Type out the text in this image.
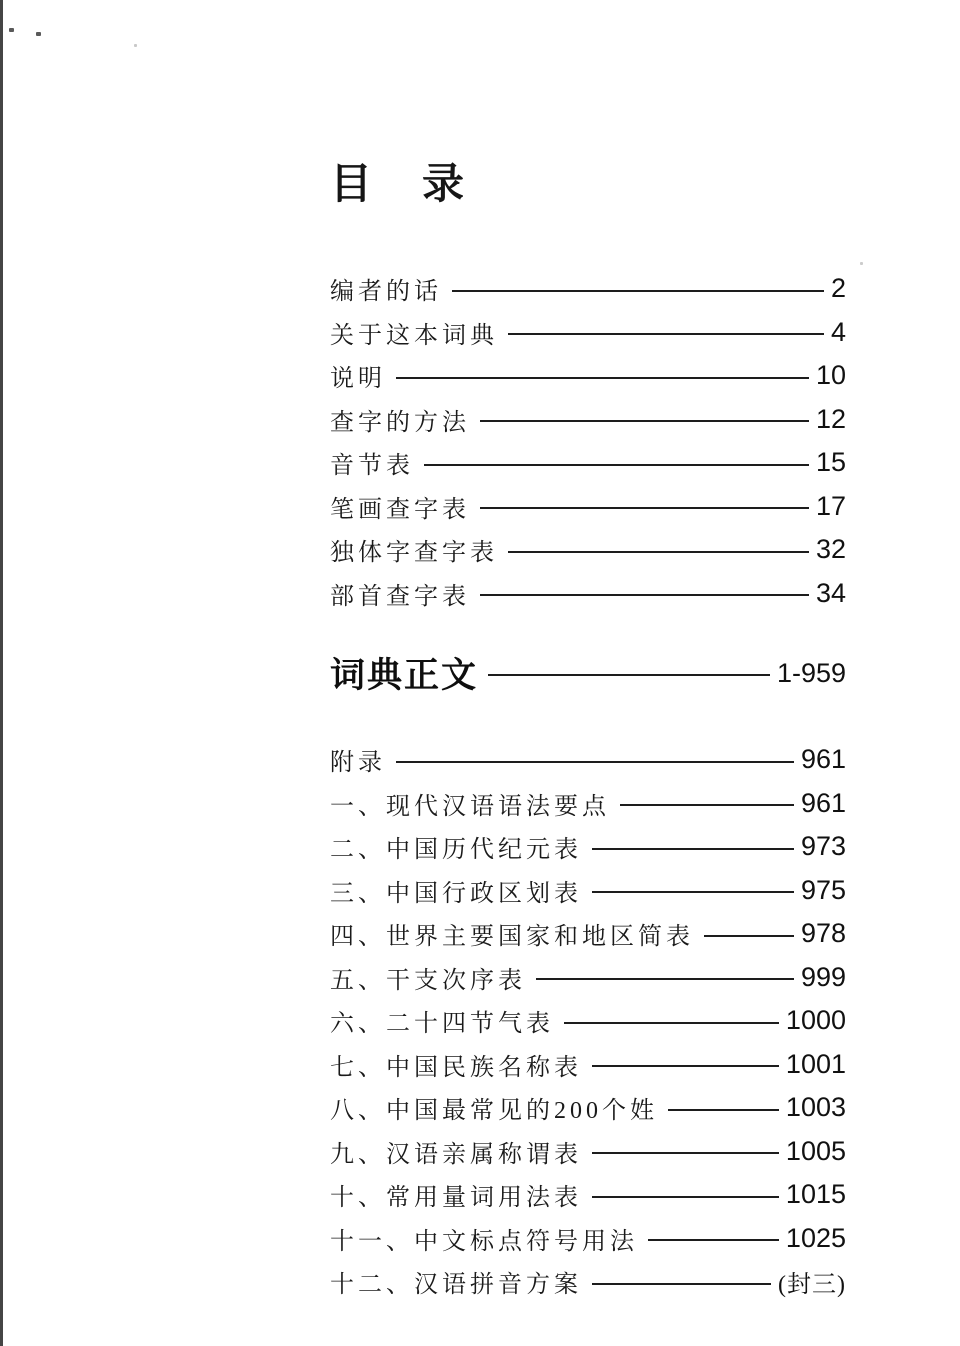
目　录
编者的话	2
关于这本词典	4
说明	10
查字的方法	12
音节表	15
笔画查字表	17
独体字查字表	32
部首查字表	34
词典正文	1-959
附录	961
一、现代汉语语法要点	961
二、中国历代纪元表	973
三、中国行政区划表	975
四、世界主要国家和地区简表	978
五、干支次序表	999
六、二十四节气表	1000
七、中国民族名称表	1001
八、中国最常见的200个姓	1003
九、汉语亲属称谓表	1005
十、常用量词用法表	1015
十一、中文标点符号用法	1025
十二、汉语拼音方案	(封三)
